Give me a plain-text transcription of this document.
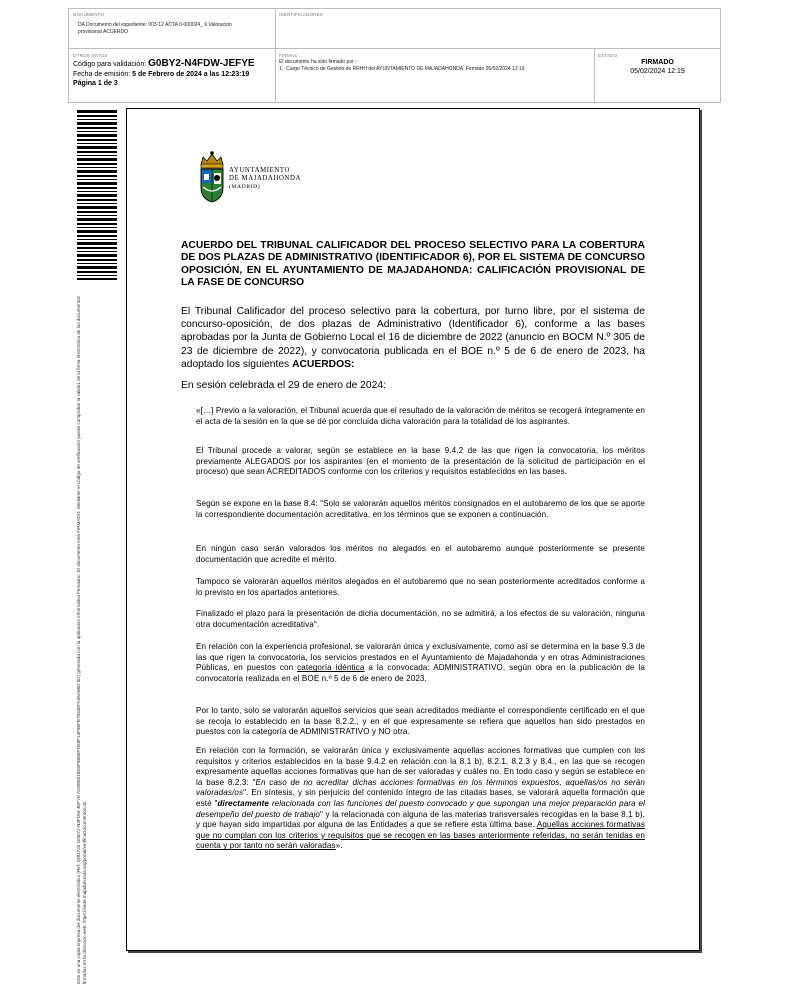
DOCUMENTO
DA Documento del expediente: 003-12 ACTA 0-000024_ 6 Valoración provisional ACUERDO
IDENTIFICADORES
OTROS DATOS
Código para validación: G0BY2-N4FDW-JEFYE
Fecha de emisión: 5 de Febrero de 2024 a las 12:23:19
Página 1 de 3
FIRMAS
El documento ha sido firmado por :
1.- Cargo Técnico de Gestión de RRHH del AYUNTAMIENTO DE MAJADAHONDA. Firmado 05/02/2024 12:19
ESTADO
FIRMADO
05/02/2024 12:19
Este es una copia impresa del documento electrónico (Ref: 2991725 G0BY2-N4FDW-JEFYE AD0E6518E8F0B5EFD59F13F88FB7834EFA05A66D 5D) generada con la aplicación informática Firmadoc. El documento está FIRMADO. Mediante el código de verificación puede comprobar la validez de la firma electrónica de los documentos firmados en la dirección web: https://sede.majadahonda.org/portal/verificaDocumentos.do
AYUNTAMIENTO
DE MAJADAHONDA
(MADRID)
ACUERDO DEL TRIBUNAL CALIFICADOR DEL PROCESO SELECTIVO PARA LA COBERTURA DE DOS PLAZAS DE ADMINISTRATIVO (IDENTIFICADOR 6), POR EL SISTEMA DE CONCURSO OPOSICIÓN, EN EL AYUNTAMIENTO DE MAJADAHONDA: CALIFICACIÓN PROVISIONAL DE LA FASE DE CONCURSO
El Tribunal Calificador del proceso selectivo para la cobertura, por turno libre, por el sistema de concurso-oposición, de dos plazas de Administrativo (Identificador 6), conforme a las bases aprobadas por la Junta de Gobierno Local el 16 de diciembre de 2022 (anuncio en BOCM N.º 305 de 23 de diciembre de 2022), y convocatoria publicada en el BOE n.º 5 de 6 de enero de 2023, ha adoptado los siguientes ACUERDOS:
En sesión celebrada el 29 de enero de 2024:
«[…] Previo a la valoración, el Tribunal acuerda que el resultado de la valoración de méritos se recogerá íntegramente en el acta de la sesión en la que se dé por concluida dicha valoración para la totalidad de los aspirantes.
El Tribunal procede a valorar, según se establece en la base 9.4.2 de las que rigen la convocatoria, los méritos previamente ALEGADOS por los aspirantes (en el momento de la presentación de la solicitud de participación en el proceso) que sean ACREDITADOS conforme con los criterios y requisitos establecidos en las bases.
Según se expone en la base 8.4: "Solo se valorarán aquellos méritos consignados en el autobaremo de los que se aporte la correspondiente documentación acreditativa, en los términos que se exponen a continuación.
En ningún caso serán valorados los méritos no alegados en el autobaremo aunque posteriormente se presente documentación que acredite el mérito.
Tampoco se valorarán aquellos méritos alegados en el autobaremo que no sean posteriormente acreditados conforme a lo previsto en los apartados anteriores.
Finalizado el plazo para la presentación de dicha documentación, no se admitirá, a los efectos de su valoración, ninguna otra documentación acreditativa".
En relación con la experiencia profesional, se valorarán única y exclusivamente, como así se determina en la base 9.3 de las que rigen la convocatoria, los servicios prestados en el Ayuntamiento de Majadahonda y en otras Administraciones Públicas, en puestos con categoría idéntica a la convocada: ADMINISTRATIVO, según obra en la publicación de la convocatoria realizada en el BOE n.º 5 de 6 de enero de 2023.
Por lo tanto, solo se valorarán aquellos servicios que sean acreditados mediante el correspondiente certificado en el que se recoja lo establecido en la base 8.2.2., y en el que expresamente se refiera que aquellos han sido prestados en puestos con la categoría de ADMINISTRATIVO y NO otra.
En relación con la formación, se valorarán única y exclusivamente aquellas acciones formativas que cumplen con los requisitos y criterios establecidos en la base 9.4.2 en relación con la 8.1 b), 8.2.1, 8.2.3 y 8.4., en las que se recogen expresamente aquellas acciones formativas que han de ser valoradas y cuáles no. En todo caso y según se establece en la base 8.2.3: "En caso de no acreditar dichas acciones formativas en los términos expuestos, aquellas/os no serán valoradas/os". En síntesis, y sin perjuicio del contenido íntegro de las citadas bases, se valorará aquella formación que esté "directamente relacionada con las funciones del puesto convocado y que supongan una mejor preparación para el desempeño del puesto de trabajo" y la relacionada con alguna de las materias transversales recogidas en la base 8.1 b), y que hayan sido impartidas por alguna de las Entidades a que se refiere esta última base. Aquellas acciones formativas que no cumplan con los criterios y requisitos que se recogen en las bases anteriormente referidas, no serán tenidas en cuenta y por tanto no serán valoradas».
